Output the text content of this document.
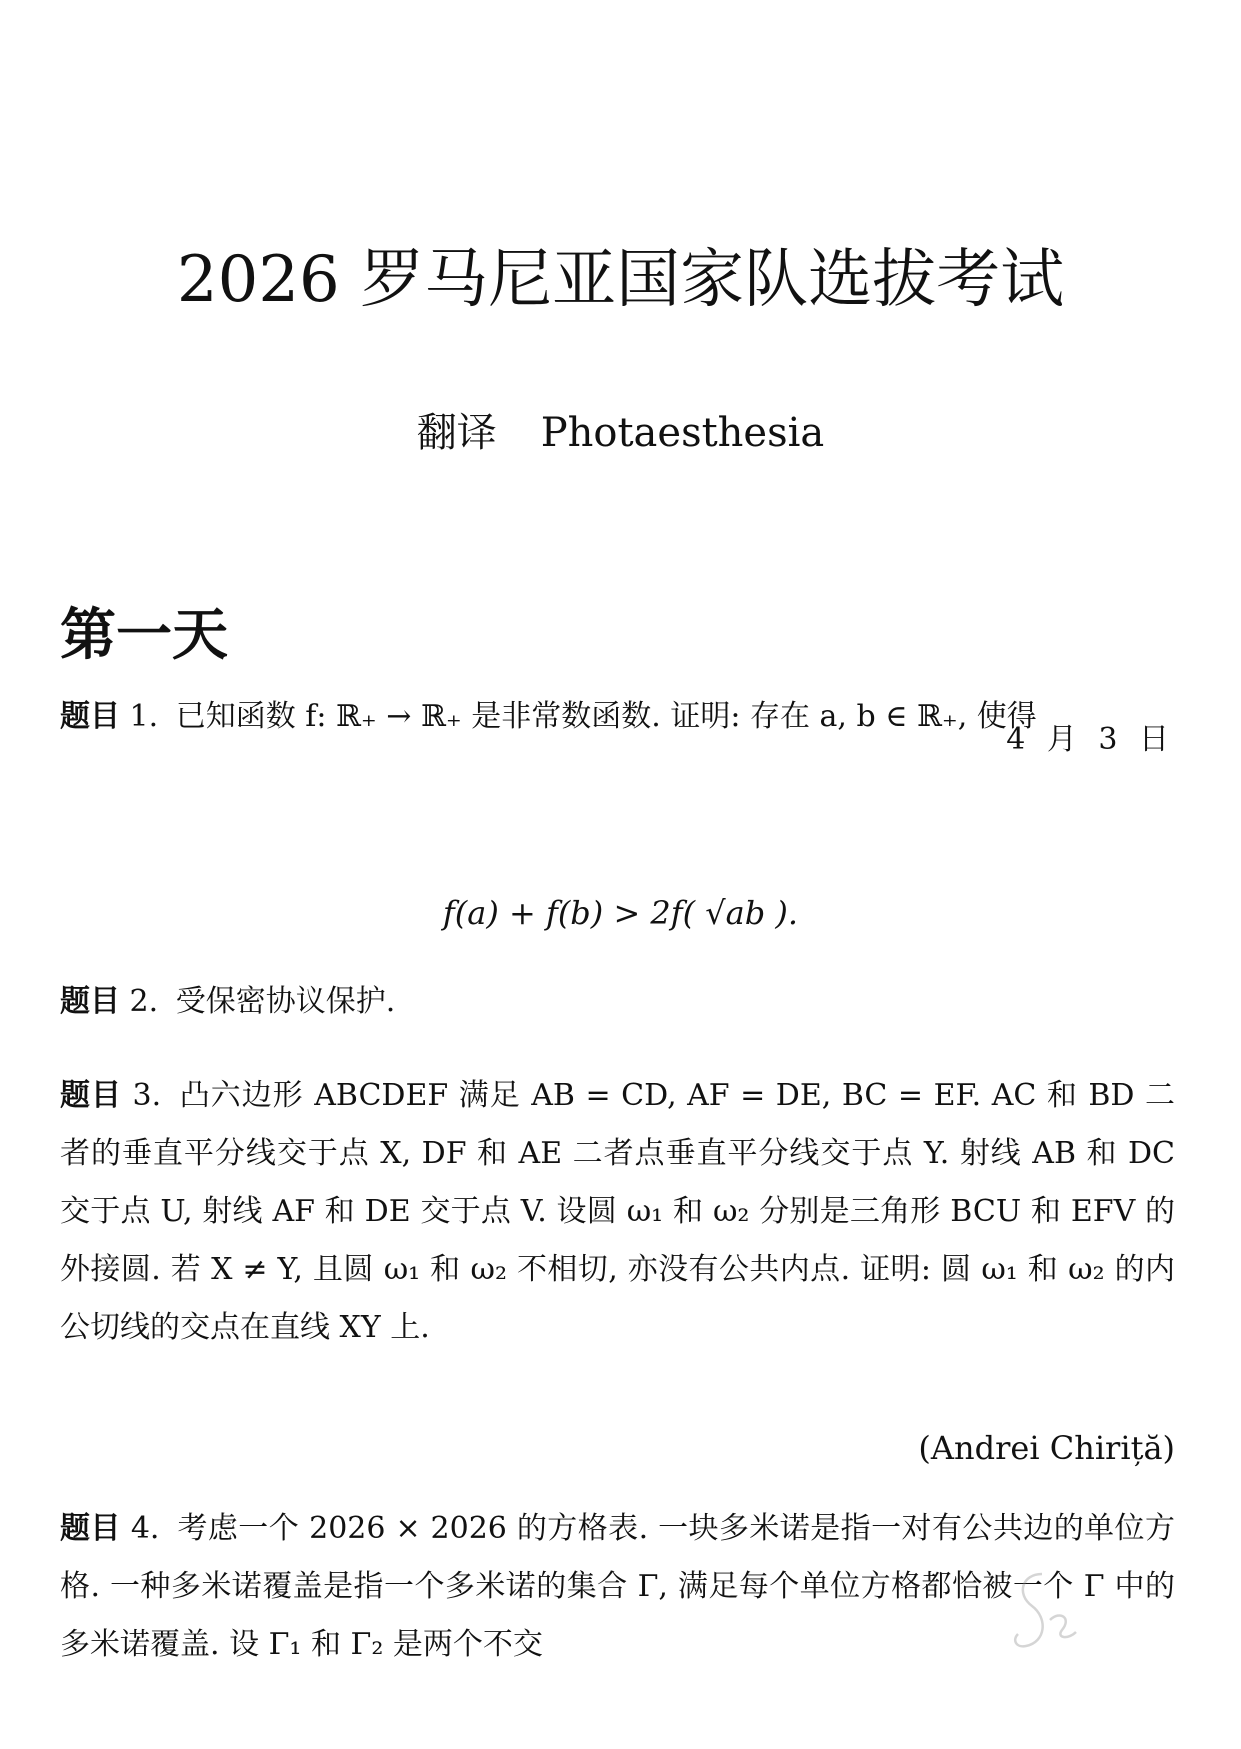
2026 罗马尼亚国家队选拔考试
翻译 Photaesthesia
第一天
4 月 3 日
题目 1. 已知函数 f: ℝ₊ → ℝ₊ 是非常数函数. 证明: 存在 a, b ∈ ℝ₊, 使得
f(a) + f(b) > 2f( √ab ).
题目 2. 受保密协议保护.
题目 3. 凸六边形 ABCDEF 满足 AB = CD, AF = DE, BC = EF. AC 和 BD 二者的垂直平分线交于点 X, DF 和 AE 二者点垂直平分线交于点 Y. 射线 AB 和 DC 交于点 U, 射线 AF 和 DE 交于点 V. 设圆 ω₁ 和 ω₂ 分别是三角形 BCU 和 EFV 的外接圆. 若 X ≠ Y, 且圆 ω₁ 和 ω₂ 不相切, 亦没有公共内点. 证明: 圆 ω₁ 和 ω₂ 的内公切线的交点在直线 XY 上.
(Andrei Chiriță)
题目 4. 考虑一个 2026 × 2026 的方格表. 一块多米诺是指一对有公共边的单位方格. 一种多米诺覆盖是指一个多米诺的集合 Γ, 满足每个单位方格都恰被一个 Γ 中的多米诺覆盖. 设 Γ₁ 和 Γ₂ 是两个不交
